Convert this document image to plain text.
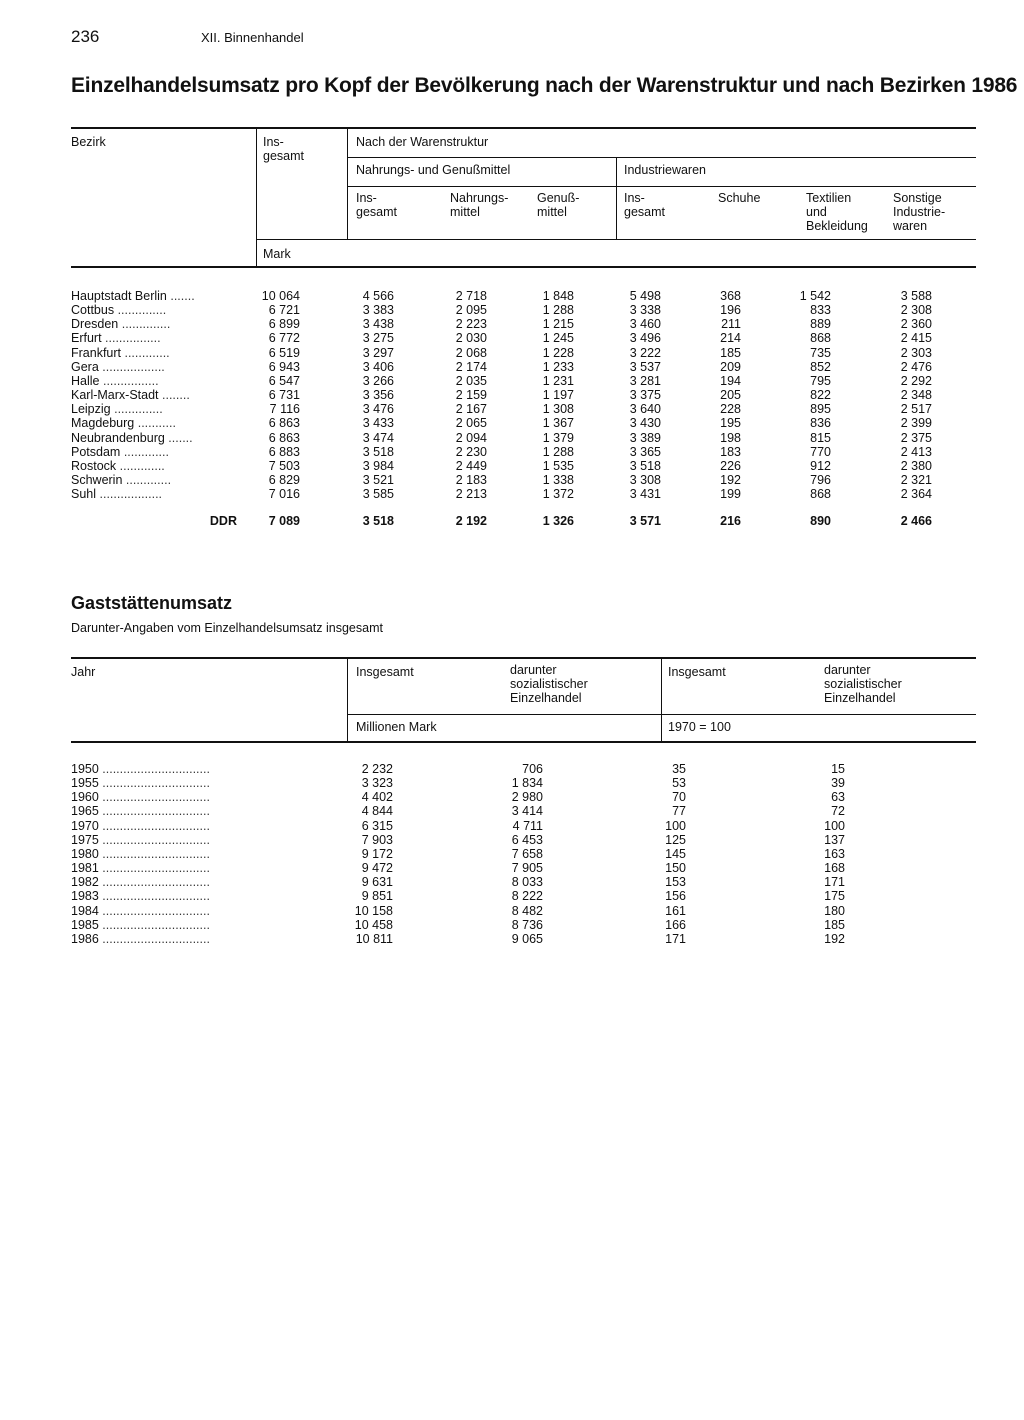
236	XII. Binnenhandel
Einzelhandelsumsatz pro Kopf der Bevölkerung nach der Warenstruktur und nach Bezirken 1986
Bezirk	Ins-
gesamt
Nach der Warenstruktur
Nahrungs- und Genußmittel	Industriewaren
Ins-
gesamt
Nahrungs-
mittel
Genuß-
mittel
Ins-
gesamt
Schuhe	Textilien
und
Bekleidung
Sonstige
Industrie-
waren
Mark
Hauptstadt Berlin .......	10 064	4 566	2 718	1 848	5 498	368	1 542	3 588
Cottbus ..............	6 721	3 383	2 095	1 288	3 338	196	833	2 308
Dresden ..............	6 899	3 438	2 223	1 215	3 460	211	889	2 360
Erfurt ................	6 772	3 275	2 030	1 245	3 496	214	868	2 415
Frankfurt .............	6 519	3 297	2 068	1 228	3 222	185	735	2 303
Gera ..................	6 943	3 406	2 174	1 233	3 537	209	852	2 476
Halle ................	6 547	3 266	2 035	1 231	3 281	194	795	2 292
Karl-Marx-Stadt ........	6 731	3 356	2 159	1 197	3 375	205	822	2 348
Leipzig ..............	7 116	3 476	2 167	1 308	3 640	228	895	2 517
Magdeburg ...........	6 863	3 433	2 065	1 367	3 430	195	836	2 399
Neubrandenburg .......	6 863	3 474	2 094	1 379	3 389	198	815	2 375
Potsdam .............	6 883	3 518	2 230	1 288	3 365	183	770	2 413
Rostock .............	7 503	3 984	2 449	1 535	3 518	226	912	2 380
Schwerin .............	6 829	3 521	2 183	1 338	3 308	192	796	2 321
Suhl ..................	7 016	3 585	2 213	1 372	3 431	199	868	2 364
DDR	7 089	3 518	2 192	1 326	3 571	216	890	2 466
Gaststättenumsatz
Darunter-Angaben vom Einzelhandelsumsatz insgesamt
Jahr	Insgesamt	darunter
sozialistischer
Einzelhandel
Insgesamt	darunter
sozialistischer
Einzelhandel
Millionen Mark	1970 = 100
1950 ...............................	2 232	706	35	15
1955 ...............................	3 323	1 834	53	39
1960 ...............................	4 402	2 980	70	63
1965 ...............................	4 844	3 414	77	72
1970 ...............................	6 315	4 711	100	100
1975 ...............................	7 903	6 453	125	137
1980 ...............................	9 172	7 658	145	163
1981 ...............................	9 472	7 905	150	168
1982 ...............................	9 631	8 033	153	171
1983 ...............................	9 851	8 222	156	175
1984 ...............................	10 158	8 482	161	180
1985 ...............................	10 458	8 736	166	185
1986 ...............................	10 811	9 065	171	192
